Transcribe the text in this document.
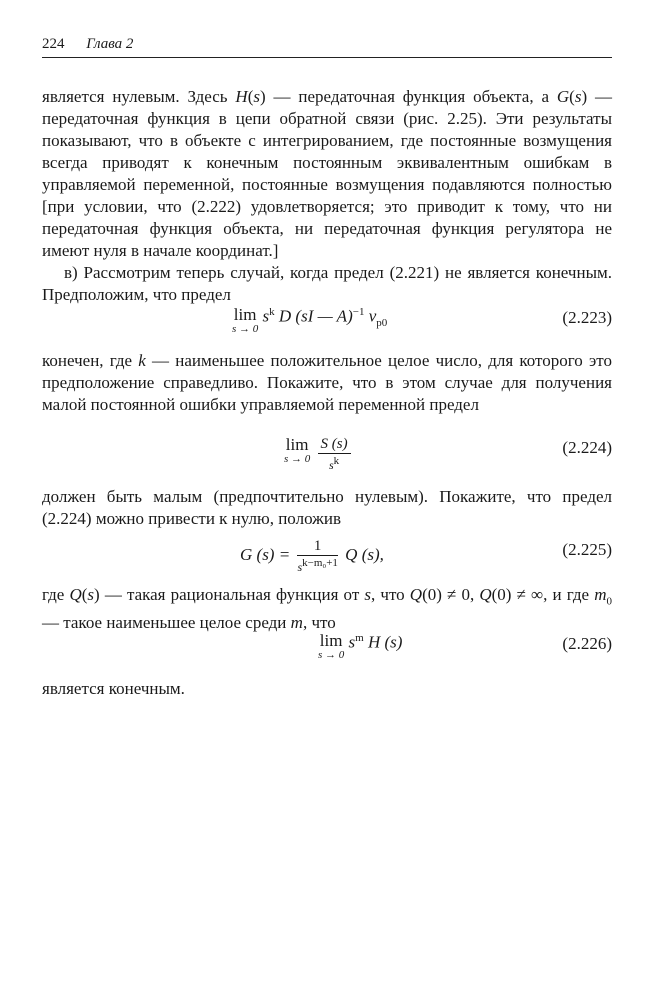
224 Глава 2
является нулевым. Здесь H(s) — передаточная функция объекта, а G(s) — передаточная функция в цепи обратной связи (рис. 2.25). Эти результаты показывают, что в объекте с интегрированием, где постоянные возмущения всегда приводят к конечным постоянным эквивалентным ошибкам в управляемой переменной, постоянные возмущения подавляются полностью [при условии, что (2.222) удовлетворяется; это приводит к тому, что ни передаточная функция объекта, ни передаточная функция регулятора не имеют нуля в начале координат.]
в) Рассмотрим теперь случай, когда предел (2.221) не является конечным. Предположим, что предел
lim
s → 0
$s^k$ D (sI — A)$^{-1}$ $v_{p0}$	(2.223)
конечен, где k — наименьшее положительное целое число, для которого это предположение справедливо. Покажите, что в этом случае для получения малой постоянной ошибки управляемой переменной предел
lim
s → 0
$\frac{S (s)}{s^k}$	(2.224)
должен быть малым (предпочтительно нулевым). Покажите, что предел (2.224) можно привести к нулю, положив
G $(s) = \frac{1}{s^{k-m_0+1}}$ Q (s),	(2.225)
где Q(s) — такая рациональная функция от s, что Q(0) ≠ 0, Q(0) ≠ ∞, и где $m_0$ — такое наименьшее целое среди m, что
lim
s → 0
$s^m$ H (s)	(2.226)
является конечным.
